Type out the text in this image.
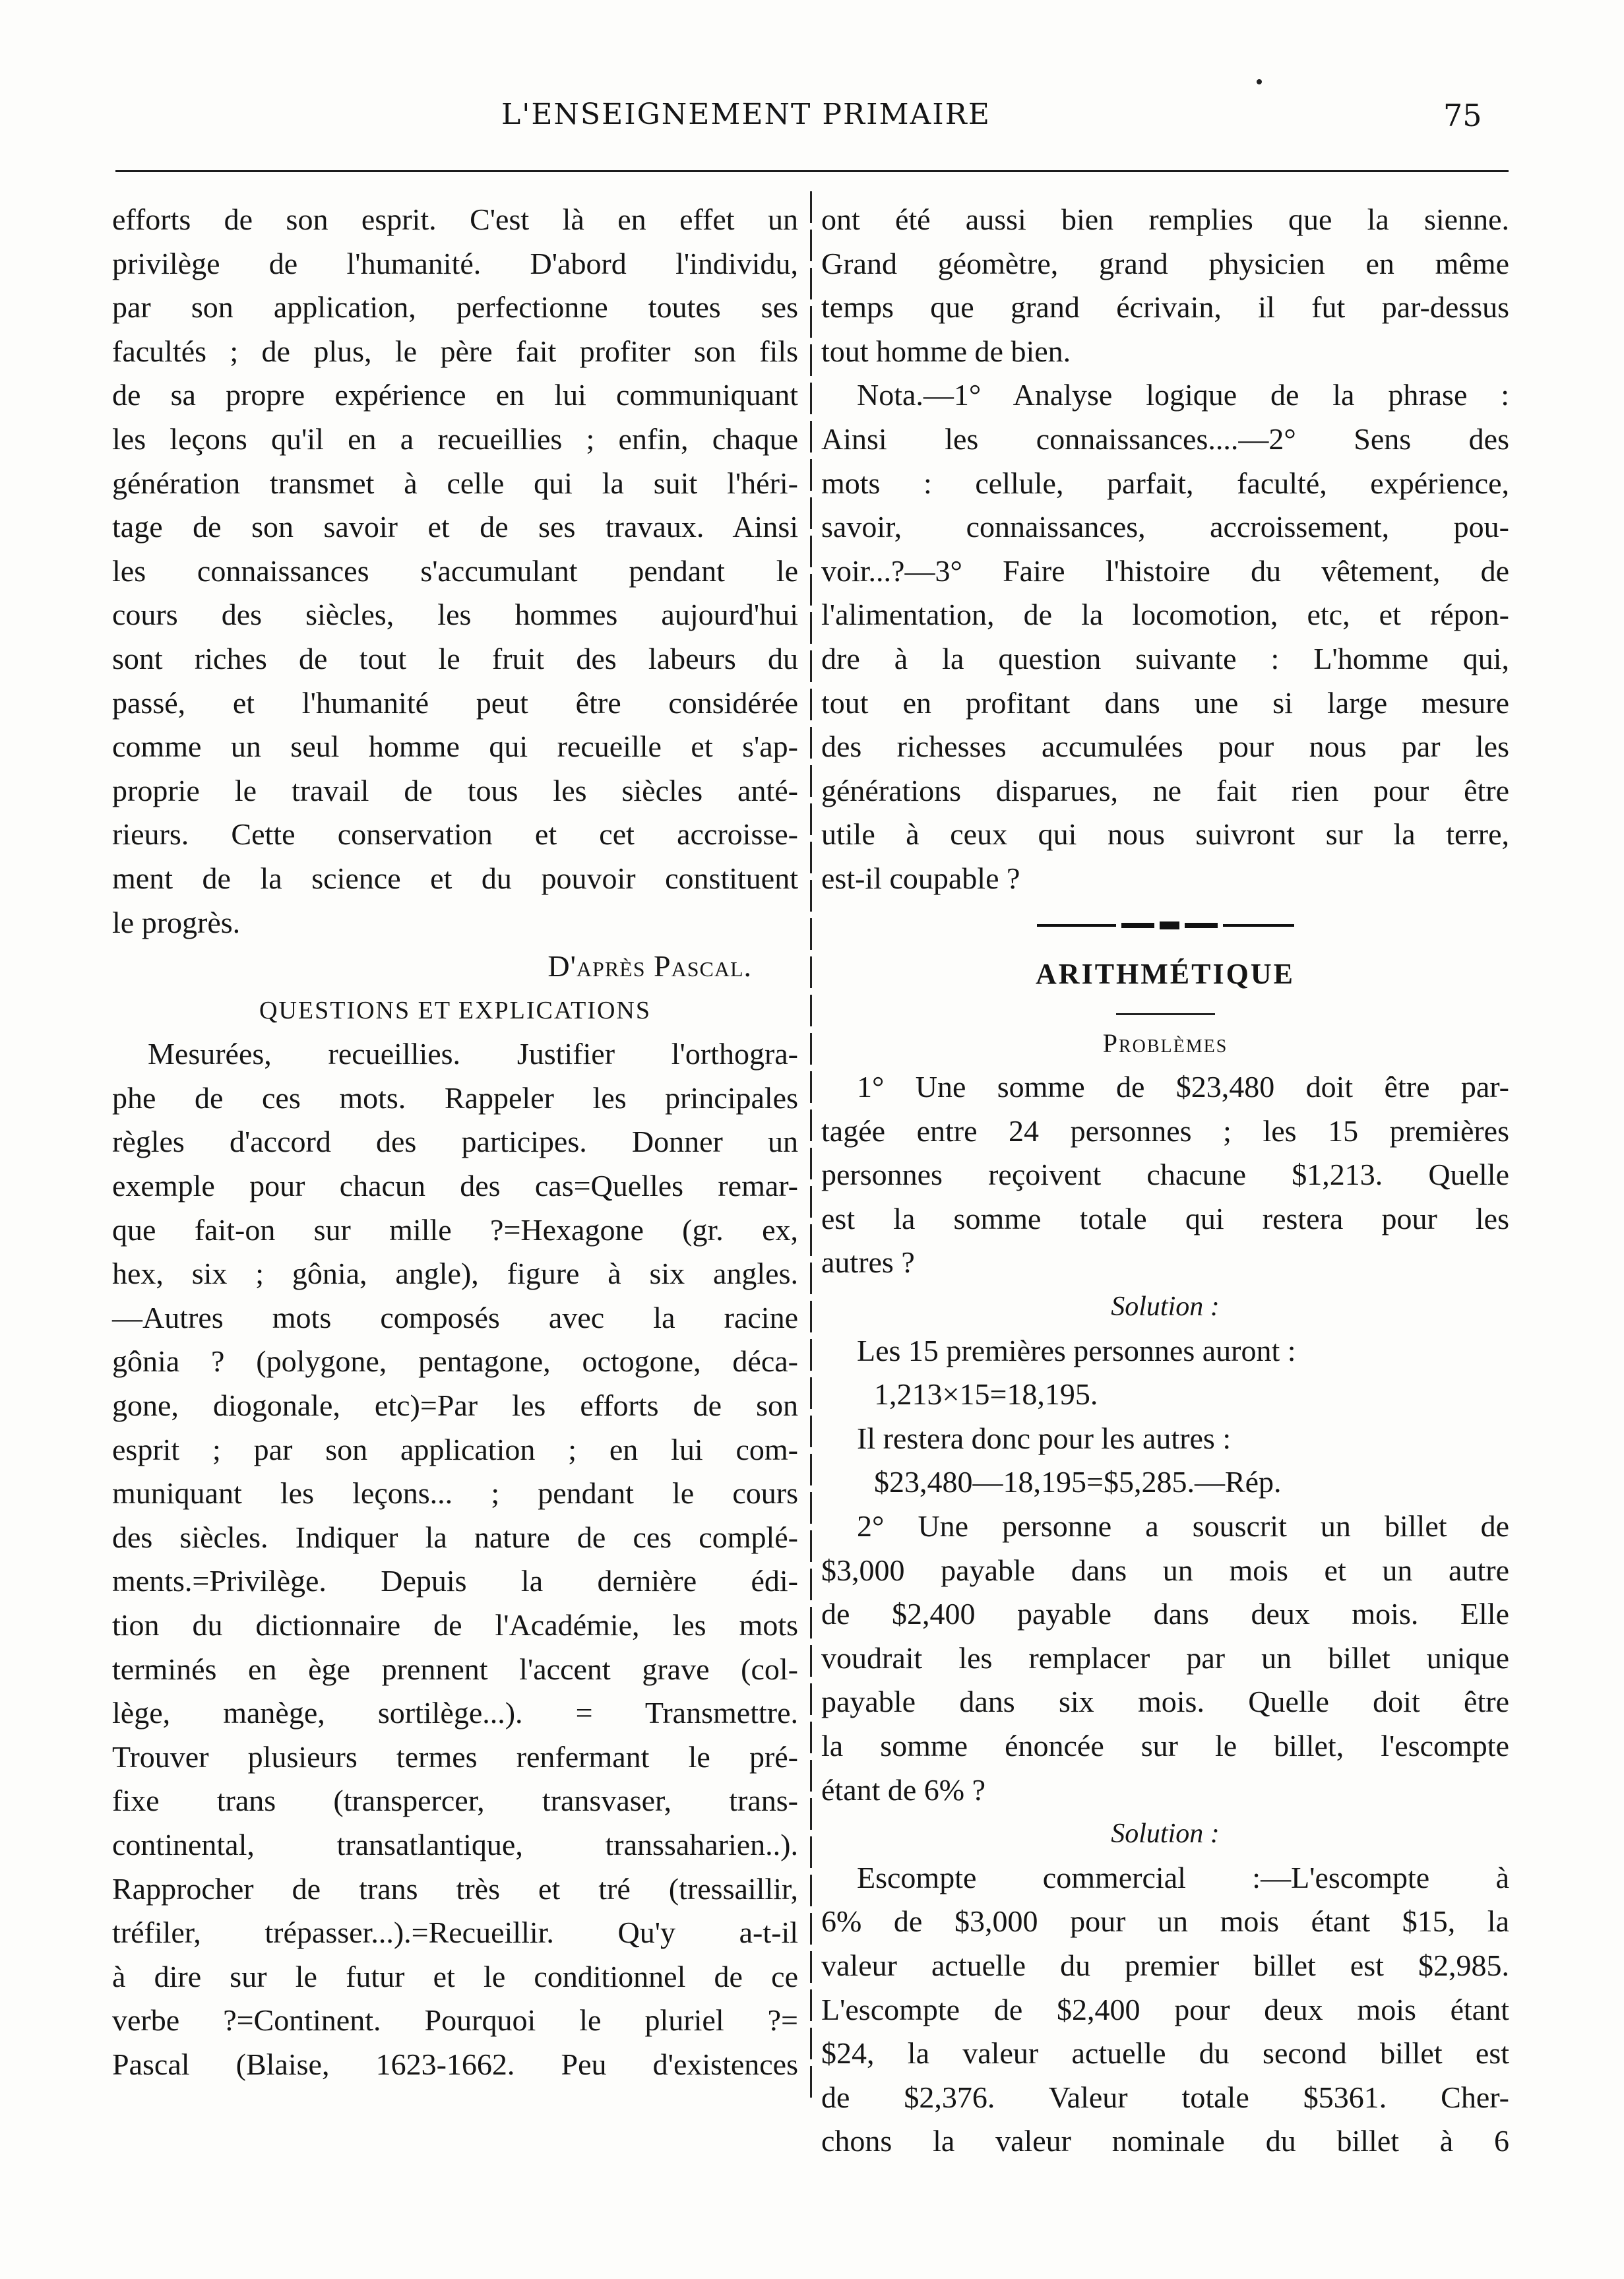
L'ENSEIGNEMENT PRIMAIRE	75
efforts de son esprit. C'est là en effet un
privilège de l'humanité. D'abord l'individu,
par son application, perfectionne toutes ses
facultés ; de plus, le père fait profiter son fils
de sa propre expérience en lui communiquant
les leçons qu'il en a recueillies ; enfin, chaque
génération transmet à celle qui la suit l'héri-
tage de son savoir et de ses travaux. Ainsi
les connaissances s'accumulant pendant le
cours des siècles, les hommes aujourd'hui
sont riches de tout le fruit des labeurs du
passé, et l'humanité peut être considérée
comme un seul homme qui recueille et s'ap-
proprie le travail de tous les siècles anté-
rieurs. Cette conservation et cet accroisse-
ment de la science et du pouvoir constituent
le progrès.
D'après Pascal.
QUESTIONS ET EXPLICATIONS
Mesurées, recueillies. Justifier l'orthogra-
phe de ces mots. Rappeler les principales
règles d'accord des participes. Donner un
exemple pour chacun des cas=Quelles remar-
que fait-on sur mille ?=Hexagone (gr. ex,
hex, six ; gônia, angle), figure à six angles.
—Autres mots composés avec la racine
gônia ? (polygone, pentagone, octogone, déca-
gone, diogonale, etc)=Par les efforts de son
esprit ; par son application ; en lui com-
muniquant les leçons... ; pendant le cours
des siècles. Indiquer la nature de ces complé-
ments.=Privilège. Depuis la dernière édi-
tion du dictionnaire de l'Académie, les mots
terminés en ège prennent l'accent grave (col-
lège, manège, sortilège...). = Transmettre.
Trouver plusieurs termes renfermant le pré-
fixe trans (transpercer, transvaser, trans-
continental, transatlantique, transsaharien..).
Rapprocher de trans très et tré (tressaillir,
tréfiler, trépasser...).=Recueillir. Qu'y a-t-il
à dire sur le futur et le conditionnel de ce
verbe ?=Continent. Pourquoi le pluriel ?=
Pascal (Blaise, 1623-1662. Peu d'existences
ont été aussi bien remplies que la sienne.
Grand géomètre, grand physicien en même
temps que grand écrivain, il fut par-dessus
tout homme de bien.
Nota.—1° Analyse logique de la phrase :
Ainsi les connaissances....—2° Sens des
mots : cellule, parfait, faculté, expérience,
savoir, connaissances, accroissement, pou-
voir...?—3° Faire l'histoire du vêtement, de
l'alimentation, de la locomotion, etc, et répon-
dre à la question suivante : L'homme qui,
tout en profitant dans une si large mesure
des richesses accumulées pour nous par les
générations disparues, ne fait rien pour être
utile à ceux qui nous suivront sur la terre,
est-il coupable ?
ARITHMÉTIQUE
Problèmes
1° Une somme de $23,480 doit être par-
tagée entre 24 personnes ; les 15 premières
personnes reçoivent chacune $1,213. Quelle
est la somme totale qui restera pour les
autres ?
Solution :
Les 15 premières personnes auront :
1,213×15=18,195.
Il restera donc pour les autres :
$23,480—18,195=$5,285.—Rép.
2° Une personne a souscrit un billet de
$3,000 payable dans un mois et un autre
de $2,400 payable dans deux mois. Elle
voudrait les remplacer par un billet unique
payable dans six mois. Quelle doit être
la somme énoncée sur le billet, l'escompte
étant de 6% ?
Solution :
Escompte commercial :—L'escompte à
6% de $3,000 pour un mois étant $15, la
valeur actuelle du premier billet est $2,985.
L'escompte de $2,400 pour deux mois étant
$24, la valeur actuelle du second billet est
de $2,376. Valeur totale $5361. Cher-
chons la valeur nominale du billet à 6
